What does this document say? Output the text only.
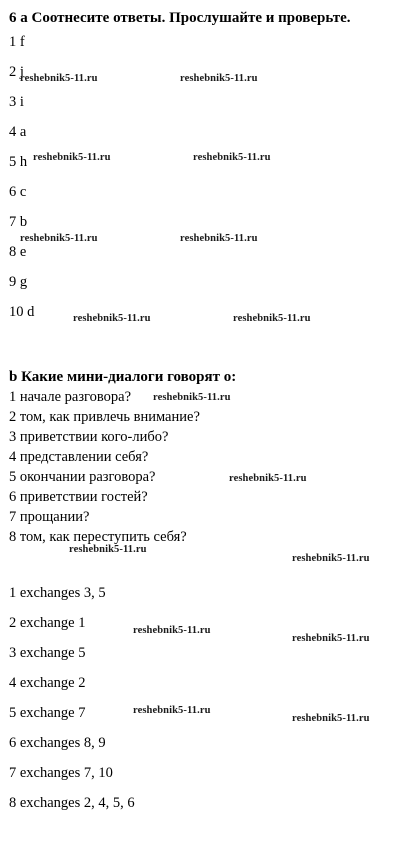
6 a Соотнесите ответы. Прослушайте и проверьте.
1 f
2 j
3 i
4 a
5 h
6 c
7 b
8 e
9 g
10 d
b Какие мини-диалоги говорят о:
1 начале разговора?
2 том, как привлечь внимание?
3 приветствии кого-либо?
4 представлении себя?
5 окончании разговора?
6 приветствии гостей?
7 прощании?
8 том, как переступить себя?
1 exchanges 3, 5
2 exchange 1
3 exchange 5
4 exchange 2
5 exchange 7
6 exchanges 8, 9
7 exchanges 7, 10
8 exchanges 2, 4, 5, 6
reshebnik5-11.ru	reshebnik5-11.ru
reshebnik5-11.ru	reshebnik5-11.ru
reshebnik5-11.ru	reshebnik5-11.ru
reshebnik5-11.ru	reshebnik5-11.ru
reshebnik5-11.ru
reshebnik5-11.ru
reshebnik5-11.ru
reshebnik5-11.ru
reshebnik5-11.ru
reshebnik5-11.ru
reshebnik5-11.ru
reshebnik5-11.ru
